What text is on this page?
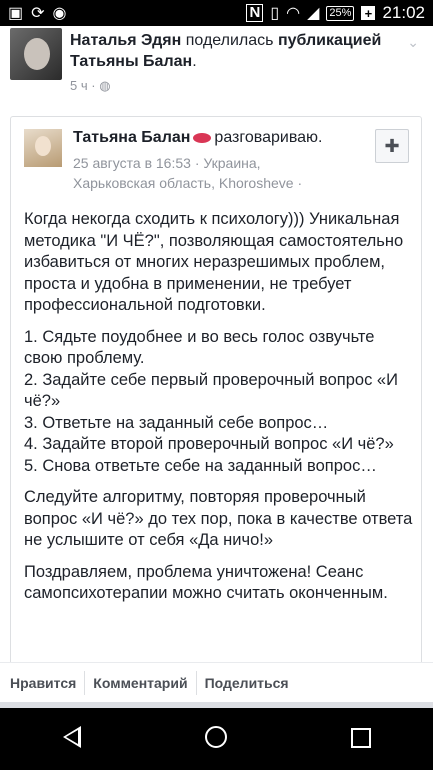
▣ ⟳ ◉	N ▯ ◠ ◢ 25% + 21:02
Наталья Эдян поделилась публикацией Татьяны Балан.
5 ч · ◍
⌄
Татьяна Балан разговариваю.
25 августа в 16:53 · Украина, Харьковская область, Khorosheve ·
✚

Когда некогда сходить к психологу))) Уникальная методика "И ЧЁ?", позволяющая самостоятельно избавиться от многих неразрешимых проблем, проста и удобна в применении, не требует профессиональной подготовки.

1. Сядьте поудобнее и во весь голос озвучьте свою проблему.

2. Задайте себе первый проверочный вопрос «И чё?»

3. Ответьте на заданный себе вопрос…

4. Задайте второй проверочный вопрос «И чё?»

5. Снова ответьте себе на заданный вопрос…

Следуйте алгоритму, повторяя проверочный вопрос «И чё?» до тех пор, пока в качестве ответа не услышите от себя «Да ничо!»

Поздравляем, проблема уничтожена! Сеанс самопсихотерапии можно считать оконченным.

Нравится	Комментарий	Поделиться
